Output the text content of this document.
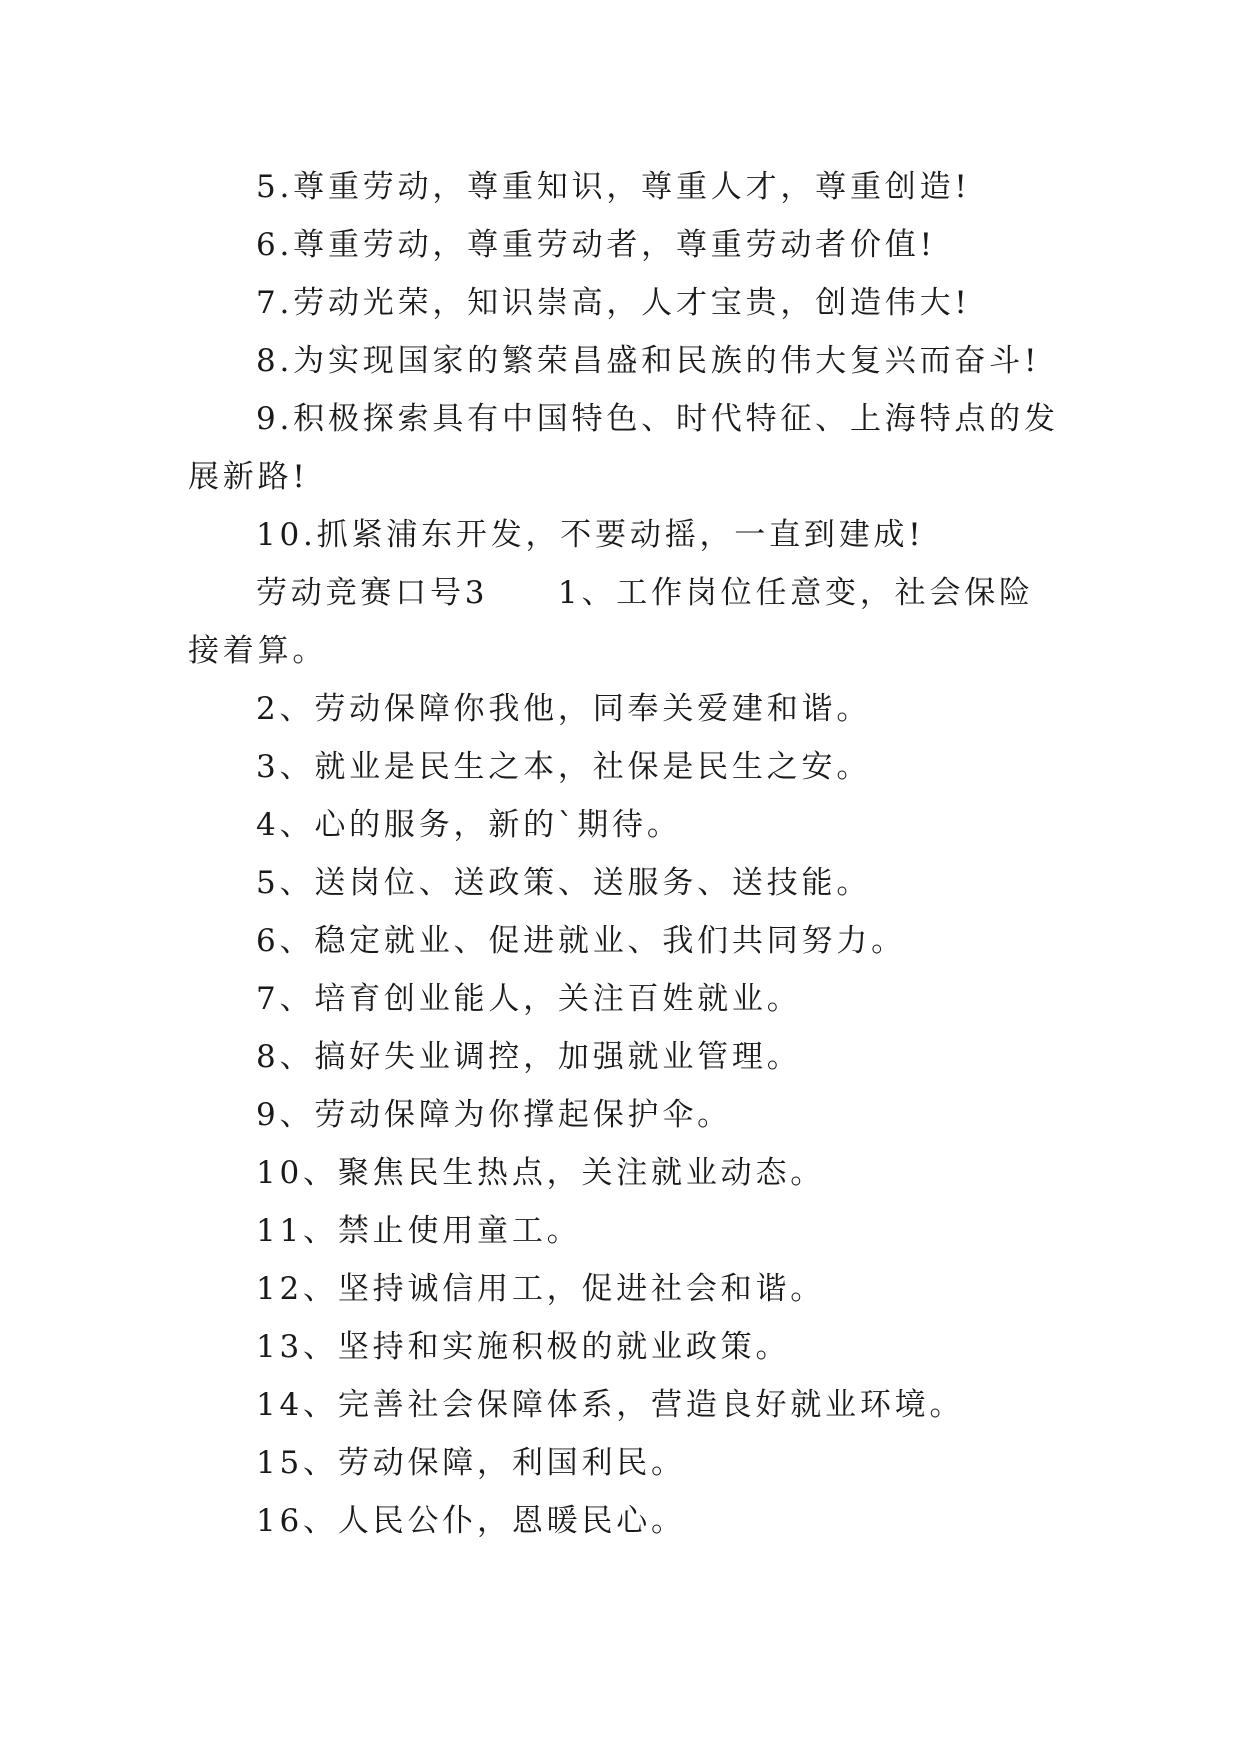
5.尊重劳动，尊重知识，尊重人才，尊重创造!

6.尊重劳动，尊重劳动者，尊重劳动者价值!

7.劳动光荣，知识崇高，人才宝贵，创造伟大!

8.为实现国家的繁荣昌盛和民族的伟大复兴而奋斗!

9.积极探索具有中国特色、时代特征、上海特点的发展新路!

10.抓紧浦东开发，不要动摇，一直到建成!

劳动竞赛口号3　　1、工作岗位任意变，社会保险接着算。

2、劳动保障你我他，同奉关爱建和谐。

3、就业是民生之本，社保是民生之安。

4、心的服务，新的`期待。

5、送岗位、送政策、送服务、送技能。

6、稳定就业、促进就业、我们共同努力。

7、培育创业能人，关注百姓就业。

8、搞好失业调控，加强就业管理。

9、劳动保障为你撑起保护伞。

10、聚焦民生热点，关注就业动态。

11、禁止使用童工。

12、坚持诚信用工，促进社会和谐。

13、坚持和实施积极的就业政策。

14、完善社会保障体系，营造良好就业环境。

15、劳动保障，利国利民。

16、人民公仆，恩暖民心。
